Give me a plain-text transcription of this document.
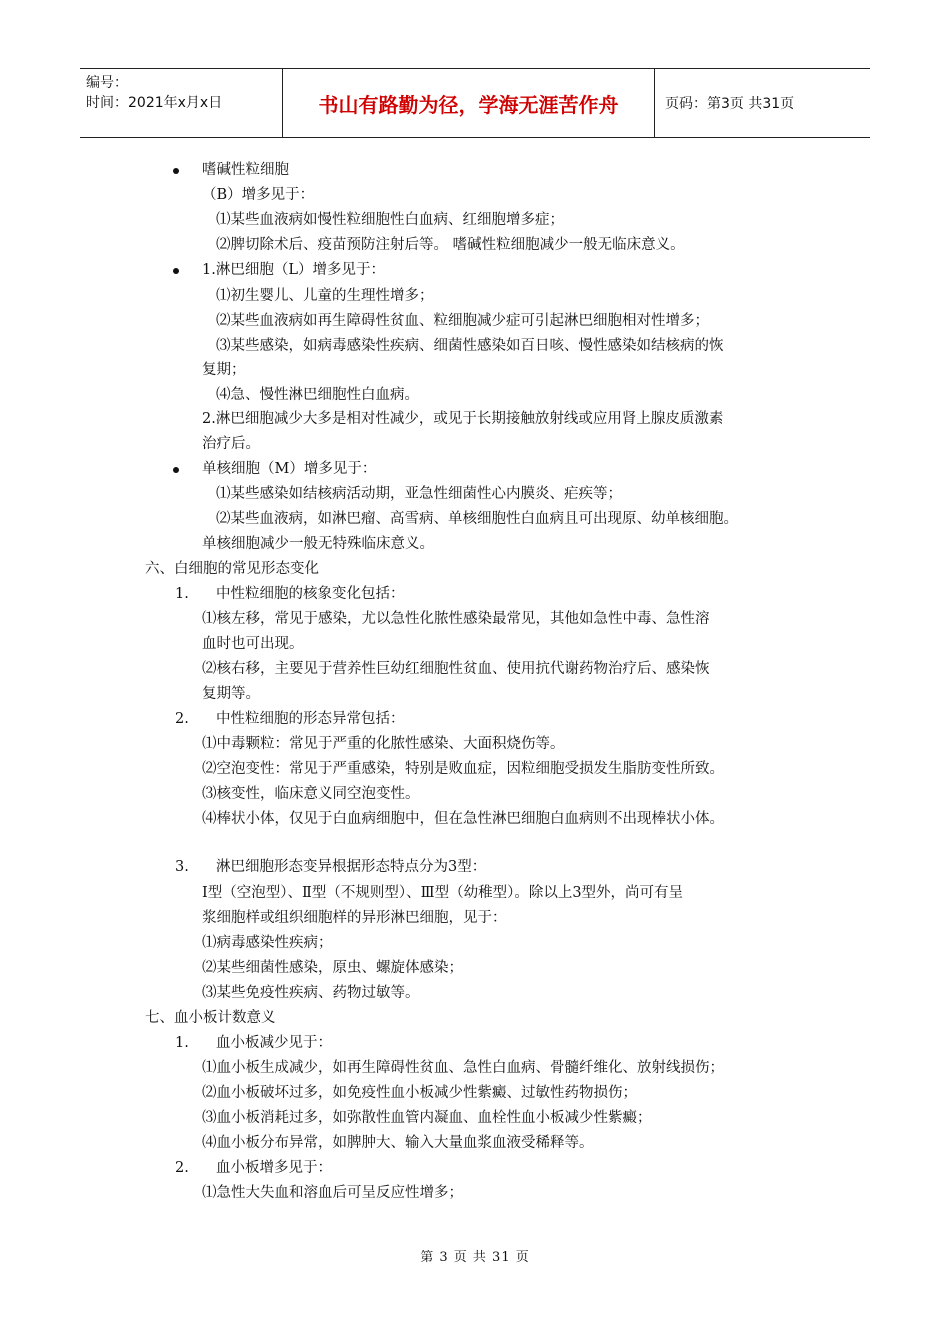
编号：
时间：2021年x月x日	书山有路勤为径，学海无涯苦作舟	页码：第3页 共31页
嗜碱性粒细胞
（B）增多见于：
⑴某些血液病如慢性粒细胞性白血病、红细胞增多症；
⑵脾切除术后、疫苗预防注射后等。 嗜碱性粒细胞减少一般无临床意义。
1.淋巴细胞（L）增多见于：
⑴初生婴儿、儿童的生理性增多；
⑵某些血液病如再生障碍性贫血、粒细胞减少症可引起淋巴细胞相对性增多；
⑶某些感染，如病毒感染性疾病、细菌性感染如百日咳、慢性感染如结核病的恢
复期；
⑷急、慢性淋巴细胞性白血病。
2.淋巴细胞减少大多是相对性减少，或见于长期接触放射线或应用肾上腺皮质激素
治疗后。
单核细胞（M）增多见于：
⑴某些感染如结核病活动期，亚急性细菌性心内膜炎、疟疾等；
⑵某些血液病，如淋巴瘤、高雪病、单核细胞性白血病且可出现原、幼单核细胞。
单核细胞减少一般无特殊临床意义。
六、白细胞的常见形态变化
1. 中性粒细胞的核象变化包括：
⑴核左移，常见于感染，尤以急性化脓性感染最常见，其他如急性中毒、急性溶
血时也可出现。
⑵核右移，主要见于营养性巨幼红细胞性贫血、使用抗代谢药物治疗后、感染恢
复期等。
2. 中性粒细胞的形态异常包括：
⑴中毒颗粒：常见于严重的化脓性感染、大面积烧伤等。
⑵空泡变性：常见于严重感染，特别是败血症，因粒细胞受损发生脂肪变性所致。
⑶核变性，临床意义同空泡变性。
⑷棒状小体，仅见于白血病细胞中，但在急性淋巴细胞白血病则不出现棒状小体。
3. 淋巴细胞形态变异根据形态特点分为3型：
Ⅰ型（空泡型）、Ⅱ型（不规则型）、Ⅲ型（幼稚型）。除以上3型外，尚可有呈
浆细胞样或组织细胞样的异形淋巴细胞，见于：
⑴病毒感染性疾病；
⑵某些细菌性感染，原虫、螺旋体感染；
⑶某些免疫性疾病、药物过敏等。
七、血小板计数意义
1. 血小板减少见于：
⑴血小板生成减少，如再生障碍性贫血、急性白血病、骨髓纤维化、放射线损伤；
⑵血小板破坏过多，如免疫性血小板减少性紫癜、过敏性药物损伤；
⑶血小板消耗过多，如弥散性血管内凝血、血栓性血小板减少性紫癜；
⑷血小板分布异常，如脾肿大、输入大量血浆血液受稀释等。
2. 血小板增多见于：
⑴急性大失血和溶血后可呈反应性增多；
第 3 页 共 31 页
